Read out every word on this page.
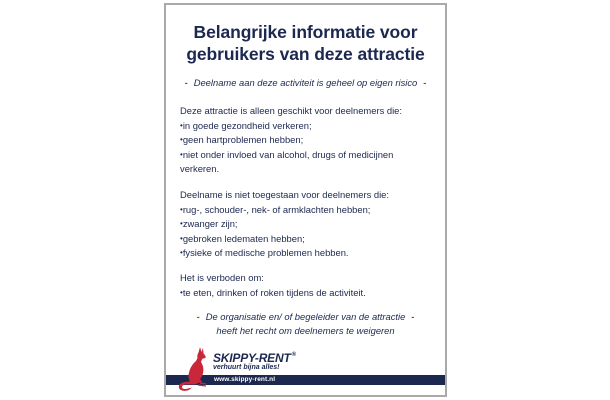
Belangrijke informatie voor
gebruikers van deze attractie
- Deelname aan deze activiteit is geheel op eigen risico -
Deze attractie is alleen geschikt voor deelnemers die:
• in goede gezondheid verkeren;
• geen hartproblemen hebben;
• niet onder invloed van alcohol, drugs of medicijnen verkeren.
Deelname is niet toegestaan voor deelnemers die:
• rug-, schouder-, nek- of armklachten hebben;
• zwanger zijn;
• gebroken ledematen hebben;
• fysieke of medische problemen hebben.
Het is verboden om:
• te eten, drinken of roken tijdens de activiteit.
- De organisatie en/ of begeleider van de attractie -
heeft het recht om deelnemers te weigeren
www.skippy-rent.nl
SKIPPY-RENT®
verhuurt bijna alles!
